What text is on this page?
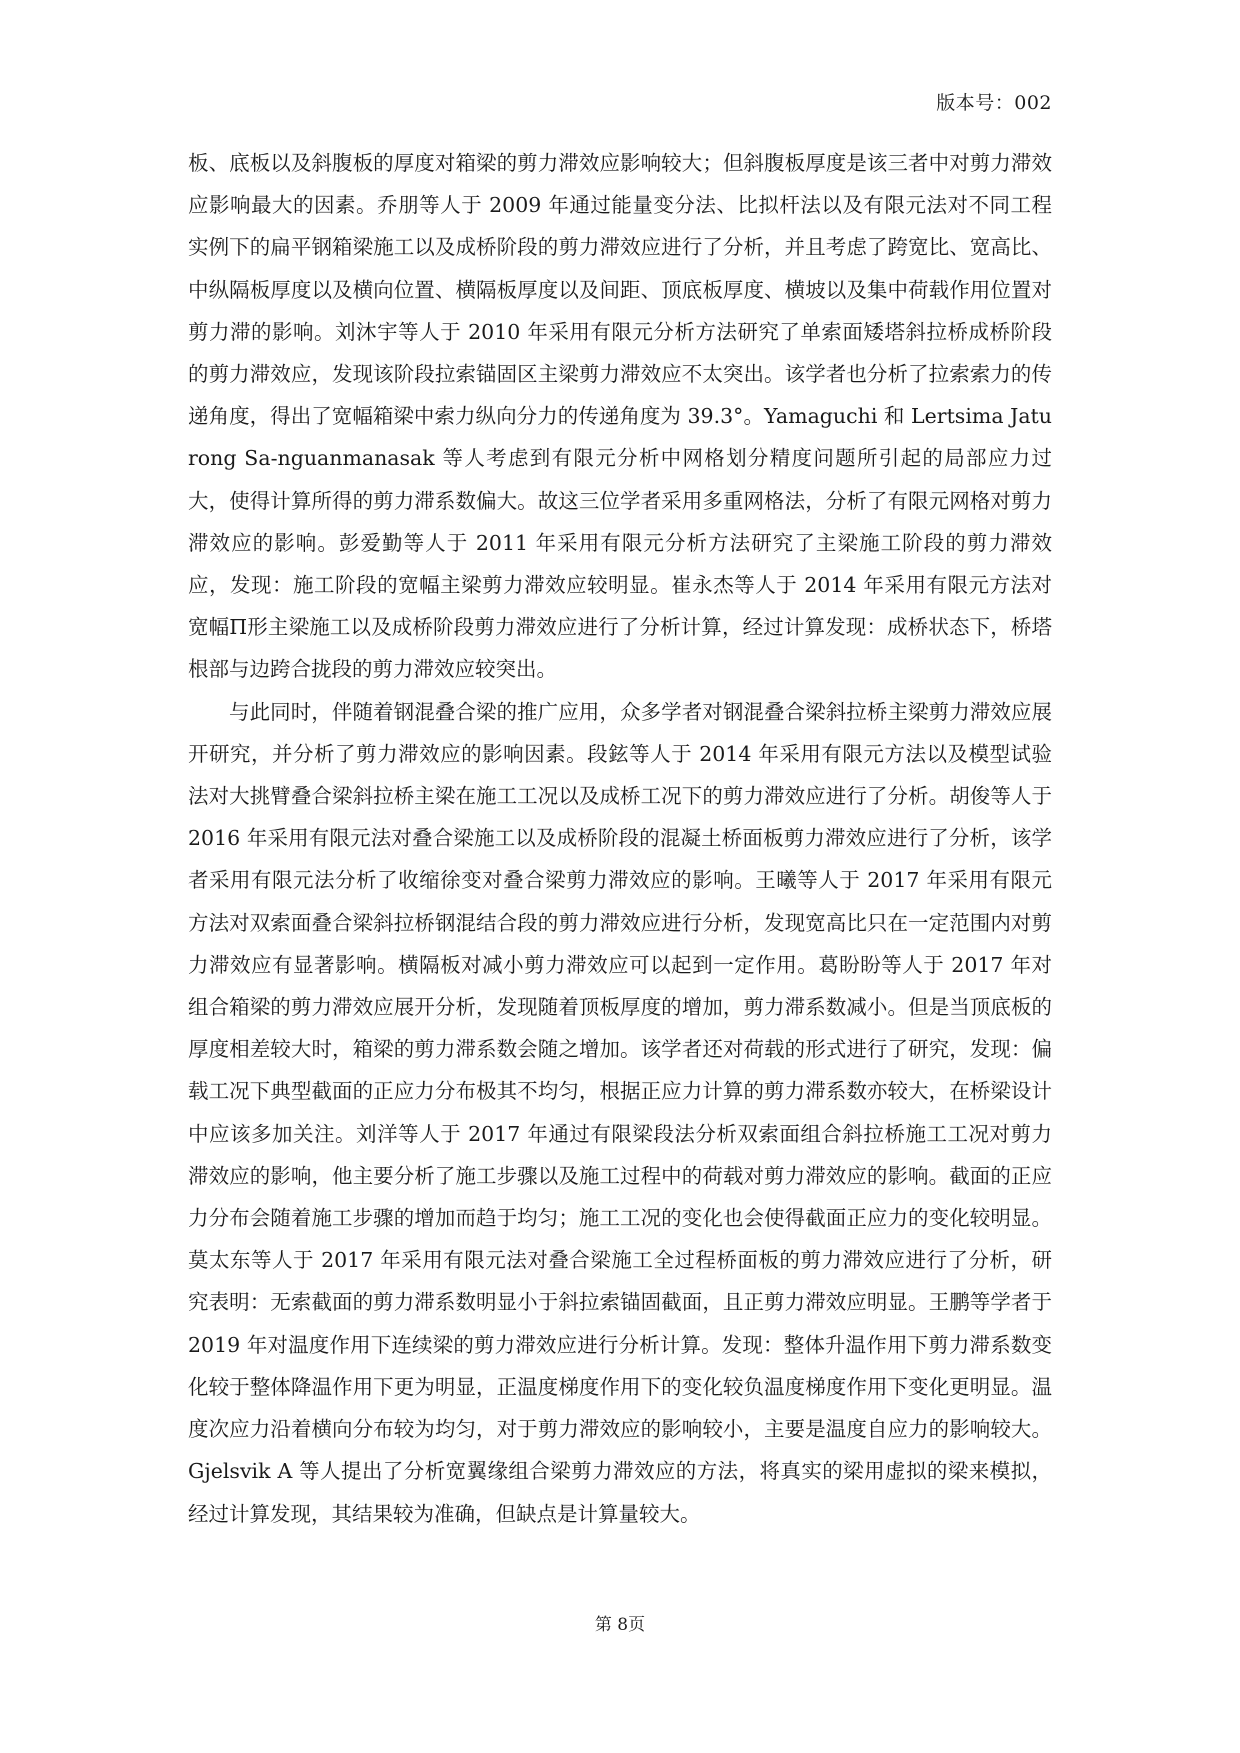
版本号：002

板、底板以及斜腹板的厚度对箱梁的剪力滞效应影响较大；但斜腹板厚度是该三者中对剪力滞效应影响最大的因素。乔朋等人于 2009 年通过能量变分法、比拟杆法以及有限元法对不同工程实例下的扁平钢箱梁施工以及成桥阶段的剪力滞效应进行了分析，并且考虑了跨宽比、宽高比、中纵隔板厚度以及横向位置、横隔板厚度以及间距、顶底板厚度、横坡以及集中荷载作用位置对剪力滞的影响。刘沐宇等人于 2010 年采用有限元分析方法研究了单索面矮塔斜拉桥成桥阶段的剪力滞效应，发现该阶段拉索锚固区主梁剪力滞效应不太突出。该学者也分析了拉索索力的传递角度，得出了宽幅箱梁中索力纵向分力的传递角度为 39.3°。Yamaguchi 和 Lertsima Jaturong Sa-nguanmanasak 等人考虑到有限元分析中网格划分精度问题所引起的局部应力过大，使得计算所得的剪力滞系数偏大。故这三位学者采用多重网格法，分析了有限元网格对剪力滞效应的影响。彭爱勤等人于 2011 年采用有限元分析方法研究了主梁施工阶段的剪力滞效应，发现：施工阶段的宽幅主梁剪力滞效应较明显。崔永杰等人于 2014 年采用有限元方法对宽幅Π形主梁施工以及成桥阶段剪力滞效应进行了分析计算，经过计算发现：成桥状态下，桥塔根部与边跨合拢段的剪力滞效应较突出。

与此同时，伴随着钢混叠合梁的推广应用，众多学者对钢混叠合梁斜拉桥主梁剪力滞效应展开研究，并分析了剪力滞效应的影响因素。段鉉等人于 2014 年采用有限元方法以及模型试验法对大挑臂叠合梁斜拉桥主梁在施工工况以及成桥工况下的剪力滞效应进行了分析。胡俊等人于 2016 年采用有限元法对叠合梁施工以及成桥阶段的混凝土桥面板剪力滞效应进行了分析，该学者采用有限元法分析了收缩徐变对叠合梁剪力滞效应的影响。王曦等人于 2017 年采用有限元方法对双索面叠合梁斜拉桥钢混结合段的剪力滞效应进行分析，发现宽高比只在一定范围内对剪力滞效应有显著影响。横隔板对减小剪力滞效应可以起到一定作用。葛盼盼等人于 2017 年对组合箱梁的剪力滞效应展开分析，发现随着顶板厚度的增加，剪力滞系数减小。但是当顶底板的厚度相差较大时，箱梁的剪力滞系数会随之增加。该学者还对荷载的形式进行了研究，发现：偏载工况下典型截面的正应力分布极其不均匀，根据正应力计算的剪力滞系数亦较大，在桥梁设计中应该多加关注。刘洋等人于 2017 年通过有限梁段法分析双索面组合斜拉桥施工工况对剪力滞效应的影响，他主要分析了施工步骤以及施工过程中的荷载对剪力滞效应的影响。截面的正应力分布会随着施工步骤的增加而趋于均匀；施工工况的变化也会使得截面正应力的变化较明显。莫太东等人于 2017 年采用有限元法对叠合梁施工全过程桥面板的剪力滞效应进行了分析，研究表明：无索截面的剪力滞系数明显小于斜拉索锚固截面，且正剪力滞效应明显。王鹏等学者于 2019 年对温度作用下连续梁的剪力滞效应进行分析计算。发现：整体升温作用下剪力滞系数变化较于整体降温作用下更为明显，正温度梯度作用下的变化较负温度梯度作用下变化更明显。温度次应力沿着横向分布较为均匀，对于剪力滞效应的影响较小，主要是温度自应力的影响较大。Gjelsvik A 等人提出了分析宽翼缘组合梁剪力滞效应的方法，将真实的梁用虚拟的梁来模拟，经过计算发现，其结果较为准确，但缺点是计算量较大。

第 8页
